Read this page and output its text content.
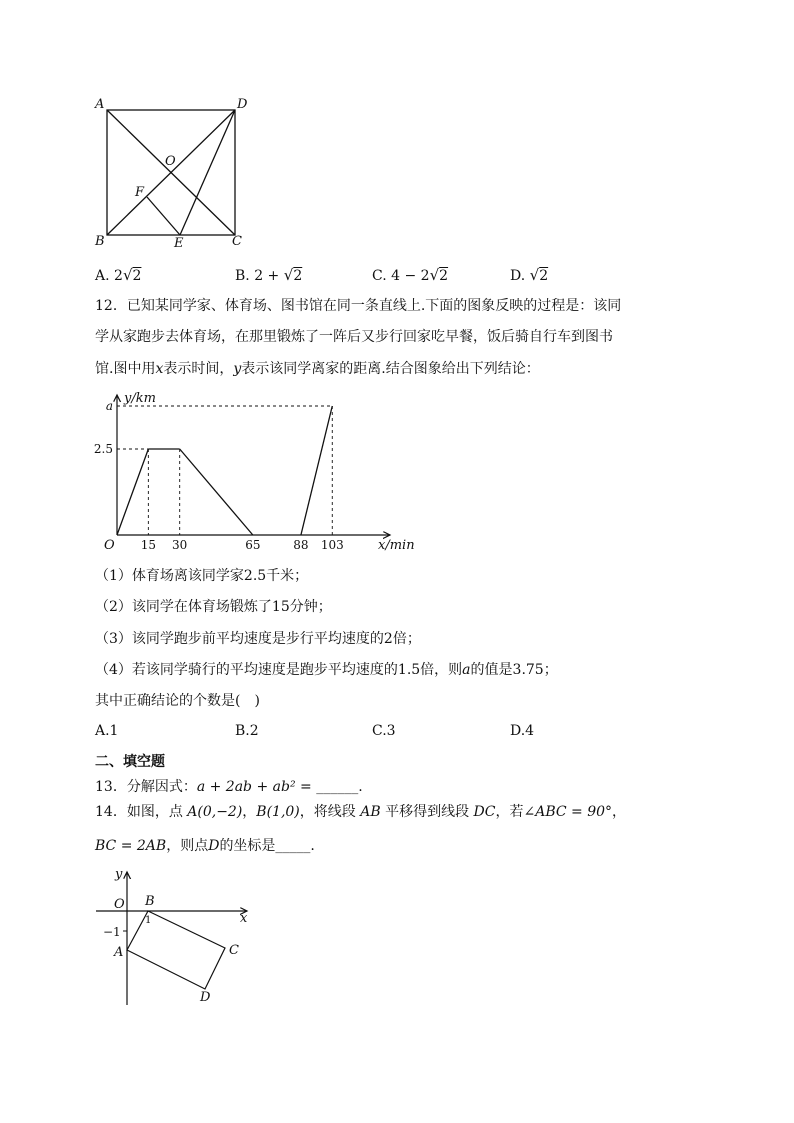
A	D
O
F
B	E	C
A. 2√2	B. 2 + √2	C. 4 − 2√2	D. √2
12．已知某同学家、体育场、图书馆在同一条直线上.下面的图象反映的过程是：该同
学从家跑步去体育场，在那里锻炼了一阵后又步行回家吃早餐，饭后骑自行车到图书
馆.图中用x表示时间，y表示该同学离家的距离.结合图象给出下列结论：
15 30	65	88 103
2.5
a y/km
x/min
O
（1）体育场离该同学家2.5千米；
（2）该同学在体育场锻炼了15分钟；
（3）该同学跑步前平均速度是步行平均速度的2倍；
（4）若该同学骑行的平均速度是跑步平均速度的1.5倍，则a的值是3.75；
其中正确结论的个数是(　)
A.1	B.2	C.3	D.4
二、填空题
13．分解因式：a + 2ab + ab² = ______.
14．如图，点 A(0,−2)，B(1,0)，将线段 AB 平移得到线段 DC，若∠ABC = 90°，
BC = 2AB，则点D的坐标是_____.
y
x
O B
−1
1
A	C
D
